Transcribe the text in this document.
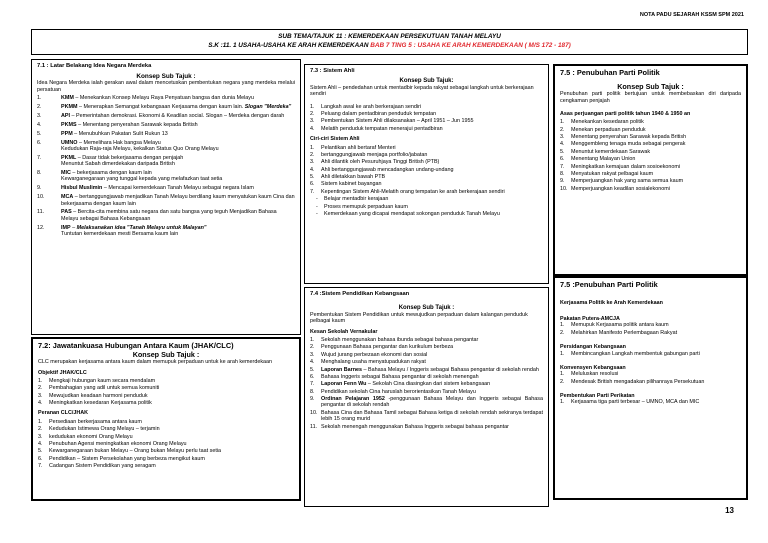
NOTA PADU SEJARAH KSSM SPM 2021
SUB TEMA/TAJUK 11 : KEMERDEKAAN PERSEKUTUAN TANAH MELAYU
S.K :11. 1 USAHA-USAHA KE ARAH KEMERDEKAAN BAB 7 TING 5 : USAHA KE ARAH KEMERDEKAAN ( M/S 172 - 187)
7.1 : Latar Belakang Idea Negara Merdeka
Konsep Sub Tajuk :
Idea Negara Merdeka ialah gerakan awal dalam mencetuskan pembentukan negara yang merdeka melalui persatuan
1.	KMM – Menekankan Konsep Melayu Raya Penyatuan bangsa dan dunia Melayu
2.	PKMM – Menerapkan Semangat kebangsaan Kerjasama dengan kaum lain. Slogan "Merdeka"
3.	API – Pemerintahan demokrasi. Ekonomi & Keadilan social. Slogan – Merdeka dengan darah
4.	PKMS – Menentang penyerahan Sarawak kepada British
5.	PPM – Menubuhkan Pakatan Sulit Rukun 13
6.	UMNO – Memelihara Hak bangsa Melayu
Kedudukan Raja-raja Melayu, kekalkan Status Quo Orang Melayu
7.	PKML – Dasar tidak bekerjasama dengan penjajah
Menuntut Sabah dimerdekakan daripada British
8.	MIC – bekerjasama dengan kaum lain
Kewarganegaraan yang tunggal kepada yang melafazkan taat setia
9.	Hisbul Muslimin – Mencapai kemerdekaan Tanah Melayu sebagai negara Islam
10.	MCA – bertanggungjawab menjadikan Tanah Melayu berdilang kaum menyatukan kaum Cina dan bekerjasama dengan kaum lain
11.	PAS – Bercita-cita membina satu negara dan satu bangsa yang teguh Menjadikan Bahasa Melayu sebagai Bahasa Kebangsaan
12.	IMP – Melaksanakan idea "Tanah Melayu untuk Malayan"
Tuntutan kemerdekaan mesti Bersama kaum lain
7.2: Jawatankuasa Hubungan Antara Kaum (JHAK/CLC)
Konsep Sub Tajuk :
CLC merupakan kerjasama antara kaum dalam memupuk perpaduan untuk ke arah kemerdekaan
Objektif JHAK/CLC
1. Mengkaji hubungan kaum secara mendalam
2. Pembahagian yang adil untuk semua komuniti
3. Mewujudkan keadaan harmoni penduduk
4. Meningkatkan kesedaran Kerjasama politik
Peranan CLC/JHAK
1. Persediaan berkerjasama antara kaum
2. Kedudukan Istimewa Orang Melayu – terjamin
3. kedudukan ekonomi Orang Melayu
4. Penubuhan Agensi meningkatkan ekonomi Orang Melayu
5. Kewarganegaraan bukan Melayu – Orang bukan Melayu perlu taat setia
6. Pendidikan – Sistem Persekolahan yang berbeza mengikut kaum
7. Cadangan Sistem Pendidikan yang seragam
7.3 : Sistem Ahli
Konsep Sub Tajuk:
Sistem Ahli – pendedahan untuk mentadbir kepada rakyat sebagai langkah untuk berkerajaan sendiri
1. Langkah awal ke arah berkerajaan sendiri
2. Peluang dalam pentadbiran penduduk tempatan
3. Pembentukan Sistem Ahli dilaksanakan – April 1951 – Jun 1955
4. Melatih penduduk tempatan menerajui pentadbiran
Ciri-ciri Sistem Ahli
1. Pelantikan ahli bertaraf Menteri
2. bertanggungjawab menjaga portfolio/jabatan
3. Ahli dilantik oleh Pesuruhjaya Tinggi British (PTB)
4. Ahli bertanggungjawab mencadangkan undang-undang
5. Ahli diletakkan bawah PTB
6. Sistem kabinet bayangan
7. Kepentingan Sistem Ahli-Melatih orang tempatan ke arah berkerajaan sendiri
- Belajar mentadbir kerajaan
- Proses memupuk perpaduan kaum
- Kemerdekaan yang dicapai mendapat sokongan penduduk Tanah Melayu
7.4 :Sistem Pendidikan Kebangsaan
Konsep Sub Tajuk :
Pembentukan Sistem Pendidikan untuk mewujudkan perpaduan dalam kalangan penduduk pelbagai kaum
Kesan Sekolah Vernakular
1. Sekolah menggunakan bahasa ibunda sebagai bahasa pengantar
2. Penggunaan Bahasa pengantar dan kurikulum berbeza
3. Wujud jurang perbezaan ekonomi dan sosial
4. Menghalang usaha menyatupadukan rakyat
5. Laporan Barnes – Bahasa Melayu / Inggeris sebagai Bahasa pengantar di sekolah rendah
6. Bahasa Inggeris sebagai Bahasa pengantar di sekolah menengah
7. Laporan Fenn Wu – Sekolah Cina diasingkan dari sistem kebangsaan
8. Pendidikan sekolah Cina haruslah berorientasikan Tanah Melayu
9. Ordinan Pelajaran 1952 -penggunaan Bahasa Melayu dan Inggeris sebagai Bahasa pengantar di sekolah rendah
10. Bahasa Cina dan Bahasa Tamil sebagai Bahasa ketiga di sekolah rendah sekiranya terdapat lebih 15 orang murid
11. Sekolah menengah menggunakan Bahasa Inggeris sebagai bahasa pengantar
7.5 : Penubuhan Parti Politik
Konsep Sub Tajuk :
Penubuhan parti politik bertujuan untuk membebaskan diri daripada cengkaman penjajah
Asas perjuangan parti politik tahun 1940 & 1950 an
1. Menekankan kesedaran politik
2. Menekan perpaduan penduduk
3. Menentang penyerahan Sarawak kepada British
4. Menggembleng tenaga muda sebagai pengerak
5. Menuntut kemerdekaan Sarawak
6. Menentang Malayan Union
7. Meningkatkan kemajuan dalam sosioekonomi
8. Menyatukan rakyat pelbagai kaum
9. Memperjuangkan hak yang sama semua kaum
10. Memperjuangkan keadilan sosialekonomi
7.5 :Penubuhan Parti Politik
Kerjasama Politik ke Arah Kemerdekaan
Pakatan Putera-AMCJA
1. Memupuk Kerjasama politik antara kaum
2. Melahirkan Manifesto Perlembagaan Rakyat
Persidangan Kebangsaan
1. Membincangkan Langkah membentuk gabungan parti
Konvensyen Kebangsaan
1. Meluluskan resolusi
2. Mendesak British mengadakan pilihanraya Persekutuan
Pembentukan Parti Perikatan
1. Kerjasama tiga parti terbesar – UMNO, MCA dan MIC
13
